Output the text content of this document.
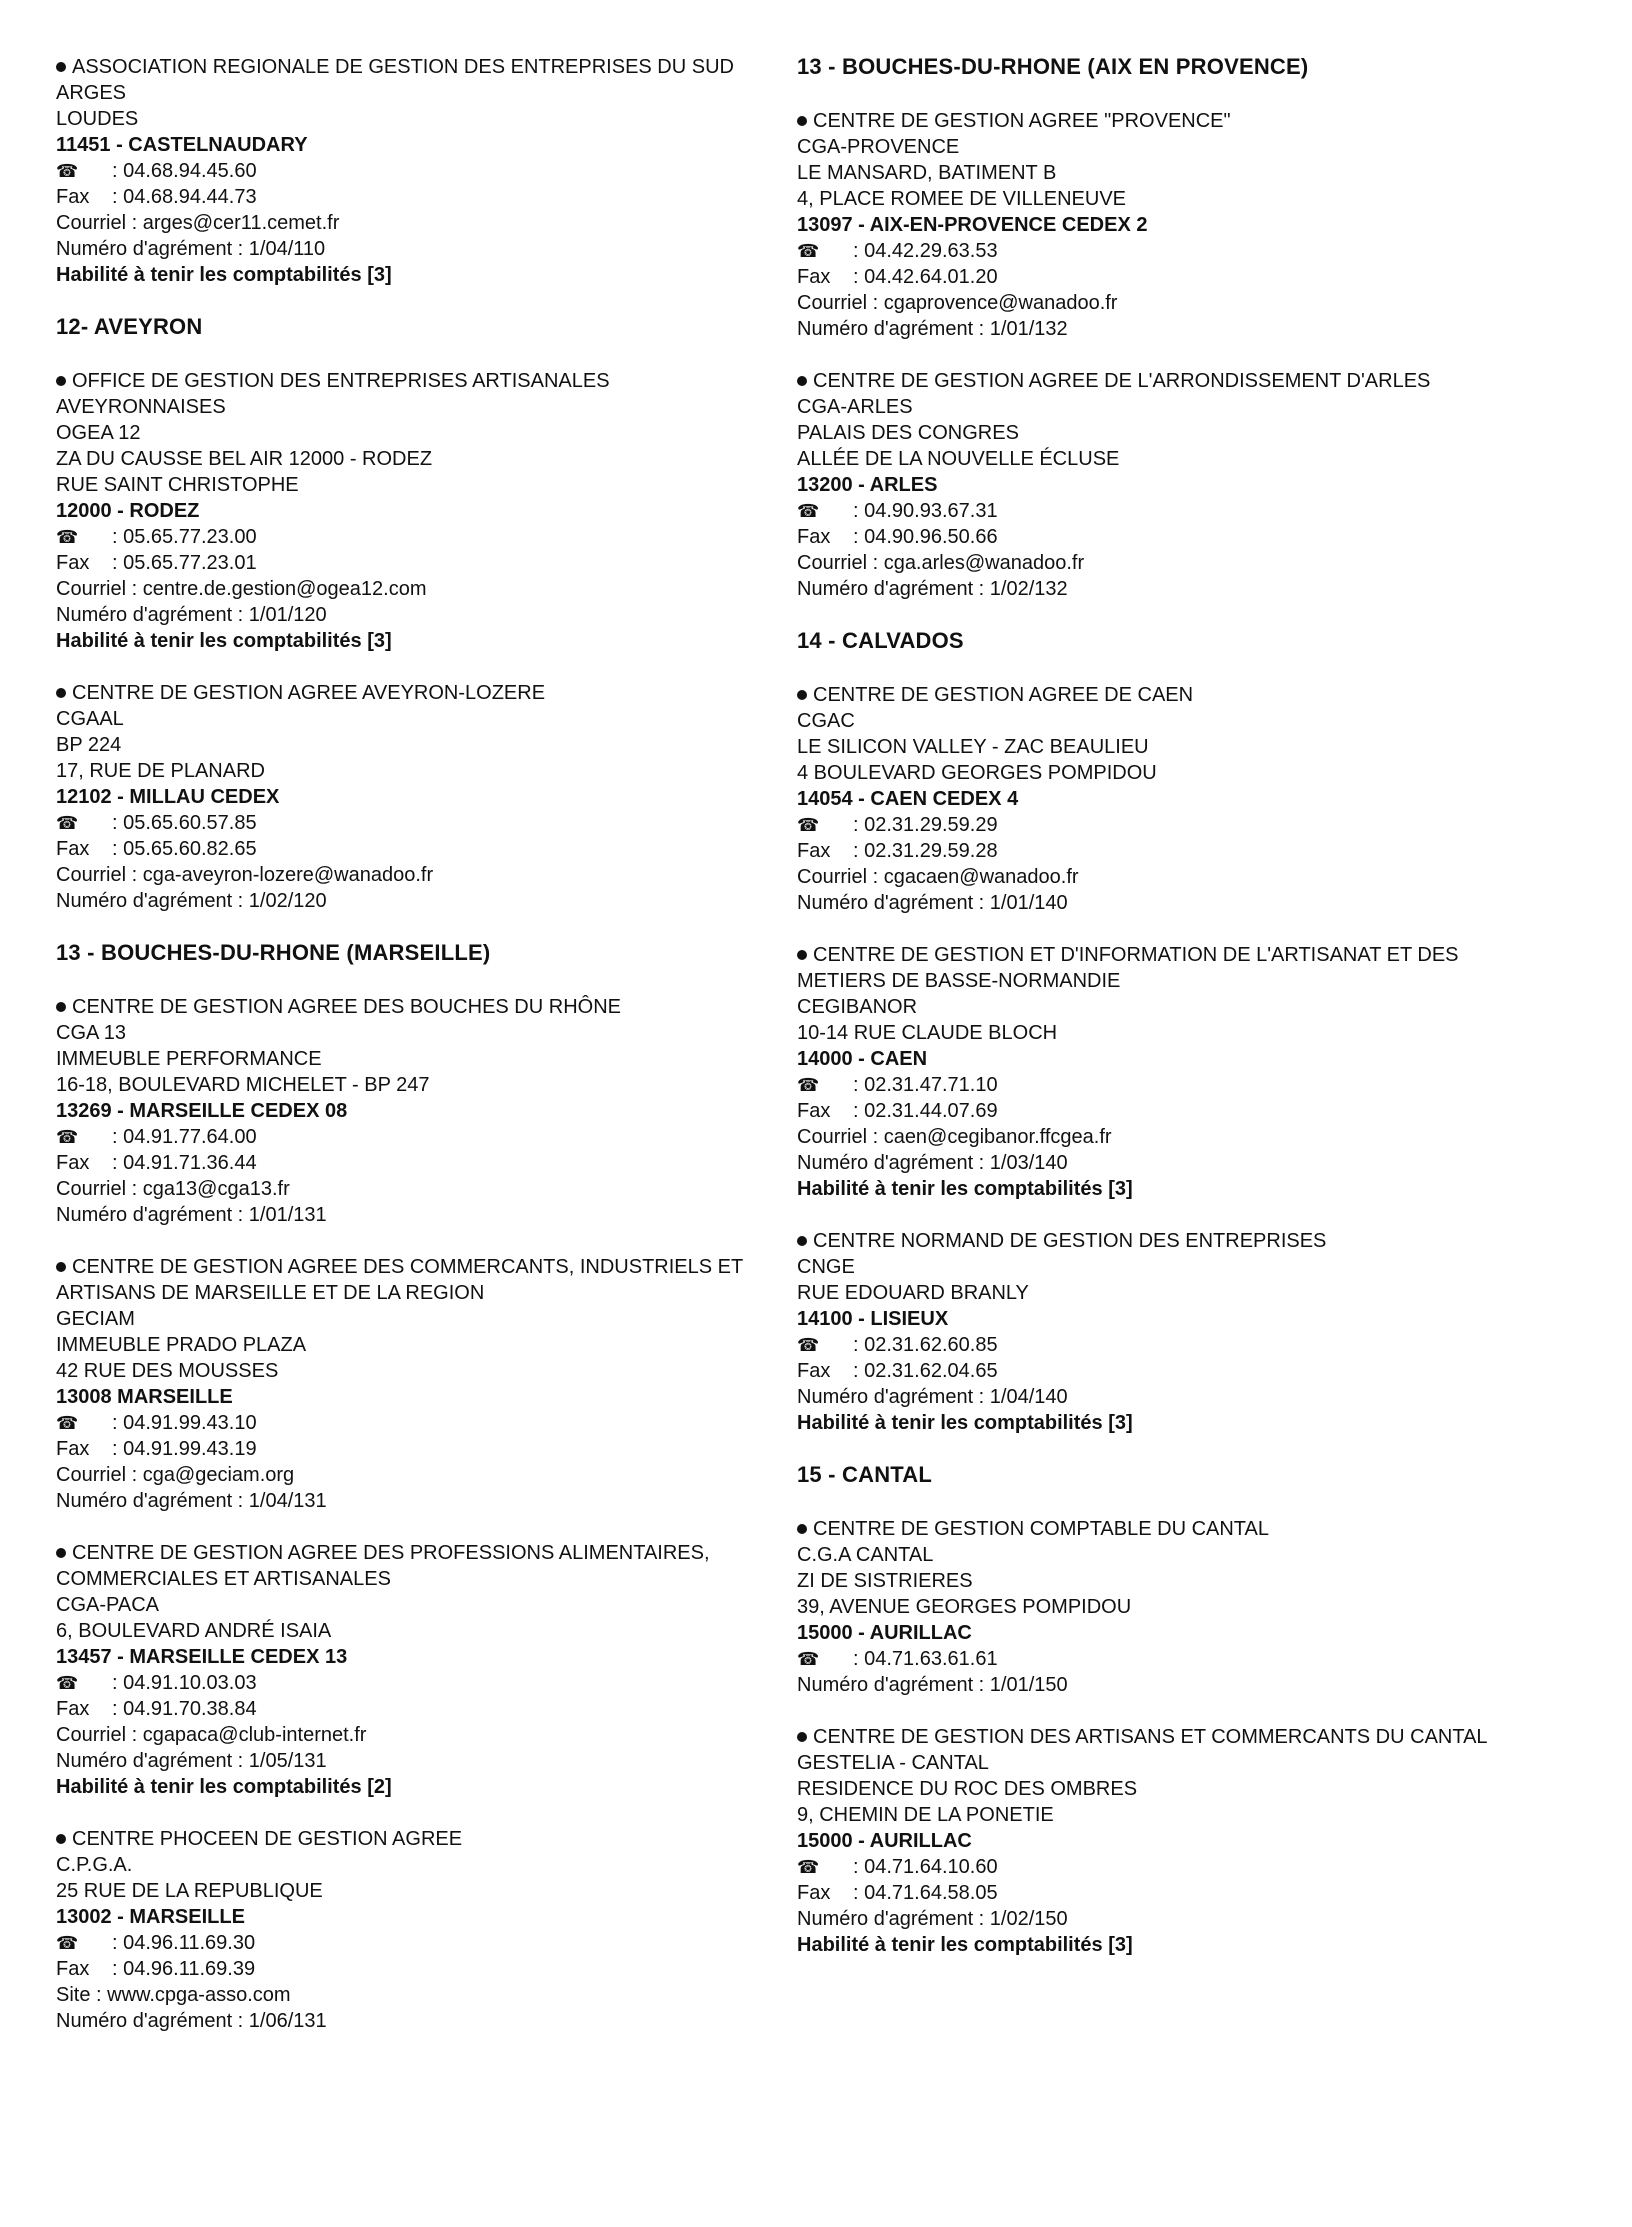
ASSOCIATION REGIONALE DE GESTION DES ENTREPRISES DU SUD
ARGES
LOUDES
11451 - CASTELNAUDARY
☎ : 04.68.94.45.60
Fax : 04.68.94.44.73
Courriel : arges@cer11.cemet.fr
Numéro d'agrément : 1/04/110
Habilité à tenir les comptabilités [3]
12- AVEYRON
OFFICE DE GESTION DES ENTREPRISES ARTISANALES AVEYRONNAISES
OGEA 12
ZA DU CAUSSE BEL AIR 12000 - RODEZ
RUE SAINT CHRISTOPHE
12000 - RODEZ
☎ : 05.65.77.23.00
Fax : 05.65.77.23.01
Courriel : centre.de.gestion@ogea12.com
Numéro d'agrément : 1/01/120
Habilité à tenir les comptabilités [3]
CENTRE DE GESTION AGREE AVEYRON-LOZERE
CGAAL
BP 224
17, RUE DE PLANARD
12102 - MILLAU CEDEX
☎ : 05.65.60.57.85
Fax : 05.65.60.82.65
Courriel : cga-aveyron-lozere@wanadoo.fr
Numéro d'agrément : 1/02/120
13 - BOUCHES-DU-RHONE (MARSEILLE)
CENTRE DE GESTION AGREE DES BOUCHES DU RHÔNE
CGA 13
IMMEUBLE PERFORMANCE
16-18, BOULEVARD MICHELET - BP 247
13269 - MARSEILLE CEDEX 08
☎ : 04.91.77.64.00
Fax : 04.91.71.36.44
Courriel : cga13@cga13.fr
Numéro d'agrément : 1/01/131
CENTRE DE GESTION AGREE DES COMMERCANTS, INDUSTRIELS ET ARTISANS DE MARSEILLE ET DE LA REGION
GECIAM
IMMEUBLE PRADO PLAZA
42 RUE DES MOUSSES
13008 MARSEILLE
☎ : 04.91.99.43.10
Fax : 04.91.99.43.19
Courriel : cga@geciam.org
Numéro d'agrément : 1/04/131
CENTRE DE GESTION AGREE DES PROFESSIONS ALIMENTAIRES, COMMERCIALES ET ARTISANALES
CGA-PACA
6, BOULEVARD ANDRÉ ISAIA
13457 - MARSEILLE CEDEX 13
☎ : 04.91.10.03.03
Fax : 04.91.70.38.84
Courriel : cgapaca@club-internet.fr
Numéro d'agrément : 1/05/131
Habilité à tenir les comptabilités [2]
CENTRE PHOCEEN DE GESTION AGREE
C.P.G.A.
25 RUE DE LA REPUBLIQUE
13002 - MARSEILLE
☎ : 04.96.11.69.30
Fax : 04.96.11.69.39
Site : www.cpga-asso.com
Numéro d'agrément : 1/06/131
13 - BOUCHES-DU-RHONE (AIX EN PROVENCE)
CENTRE DE GESTION AGREE "PROVENCE"
CGA-PROVENCE
LE MANSARD, BATIMENT B
4, PLACE ROMEE DE VILLENEUVE
13097 - AIX-EN-PROVENCE CEDEX 2
☎ : 04.42.29.63.53
Fax : 04.42.64.01.20
Courriel : cgaprovence@wanadoo.fr
Numéro d'agrément : 1/01/132
CENTRE DE GESTION AGREE DE L'ARRONDISSEMENT D'ARLES
CGA-ARLES
PALAIS DES CONGRES
ALLÉE DE LA NOUVELLE ÉCLUSE
13200 - ARLES
☎ : 04.90.93.67.31
Fax : 04.90.96.50.66
Courriel : cga.arles@wanadoo.fr
Numéro d'agrément : 1/02/132
14 - CALVADOS
CENTRE DE GESTION AGREE DE CAEN
CGAC
LE SILICON VALLEY - ZAC BEAULIEU
4 BOULEVARD GEORGES POMPIDOU
14054 - CAEN CEDEX 4
☎ : 02.31.29.59.29
Fax : 02.31.29.59.28
Courriel : cgacaen@wanadoo.fr
Numéro d'agrément : 1/01/140
CENTRE DE GESTION ET D'INFORMATION DE L'ARTISANAT ET DES METIERS DE BASSE-NORMANDIE
CEGIBANOR
10-14 RUE CLAUDE BLOCH
14000 - CAEN
☎ : 02.31.47.71.10
Fax : 02.31.44.07.69
Courriel : caen@cegibanor.ffcgea.fr
Numéro d'agrément : 1/03/140
Habilité à tenir les comptabilités [3]
CENTRE NORMAND DE GESTION DES ENTREPRISES
CNGE
RUE EDOUARD BRANLY
14100 - LISIEUX
☎ : 02.31.62.60.85
Fax : 02.31.62.04.65
Numéro d'agrément : 1/04/140
Habilité à tenir les comptabilités [3]
15 - CANTAL
CENTRE DE GESTION COMPTABLE DU CANTAL
C.G.A CANTAL
ZI DE SISTRIERES
39, AVENUE GEORGES POMPIDOU
15000 - AURILLAC
☎ : 04.71.63.61.61
Numéro d'agrément : 1/01/150
CENTRE DE GESTION DES ARTISANS ET COMMERCANTS DU CANTAL
GESTELIA - CANTAL
RESIDENCE DU ROC DES OMBRES
9, CHEMIN DE LA PONETIE
15000 - AURILLAC
☎ : 04.71.64.10.60
Fax : 04.71.64.58.05
Numéro d'agrément : 1/02/150
Habilité à tenir les comptabilités [3]
